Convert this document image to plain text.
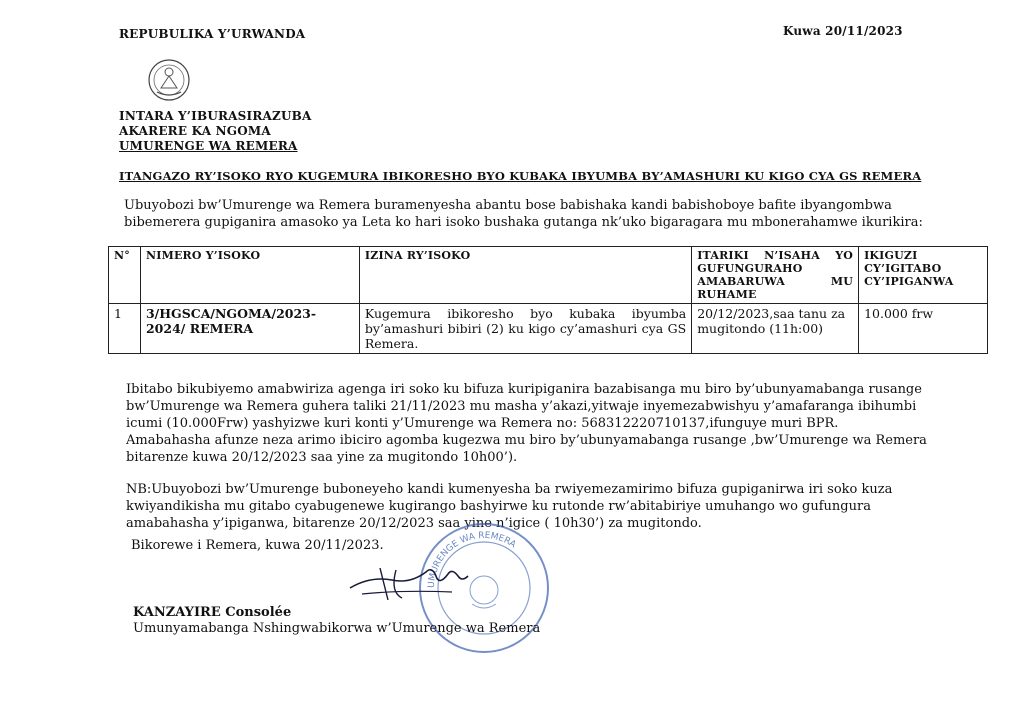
REPUBULIKA Y’URWANDA	Kuwa 20/11/2023
INTARA Y’IBURASIRAZUBA
AKARERE KA NGOMA
UMURENGE WA REMERA
ITANGAZO RY’ISOKO RYO KUGEMURA IBIKORESHO BYO KUBAKA IBYUMBA BY’AMASHURI KU KIGO CYA GS REMERA
Ubuyobozi bw’Umurenge wa Remera buramenyesha abantu bose babishaka kandi babishoboye bafite ibyangombwa
bibemerera gupiganira amasoko ya Leta ko hari isoko bushaka gutanga nk’uko bigaragara mu mbonerahamwe ikurikira:
N°	NIMERO Y’ISOKO	IZINA RY’ISOKO	ITARIKI N’ISAHA YO GUFUNGURAHO AMABARUWA MU RUHAME	IKIGUZI CY’IGITABO CY’IPIGANWA
1	3/HGSCA/NGOMA/2023-2024/ REMERA	Kugemura ibikoresho byo kubaka ibyumba by’amashuri bibiri (2) ku kigo cy’amashuri cya GS Remera.	20/12/2023,saa tanu za mugitondo (11h:00)	10.000 frw
Ibitabo bikubiyemo amabwiriza agenga iri soko ku bifuza kuripiganira bazabisanga mu biro by’ubunyamabanga rusange
bw’Umurenge wa Remera guhera taliki 21/11/2023 mu masha y’akazi,yitwaje inyemezabwishyu y’amafaranga ibihumbi
icumi (10.000Frw) yashyizwe kuri konti y’Umurenge wa Remera no: 568312220710137,ifunguye muri BPR.
Amabahasha afunze neza arimo ibiciro agomba kugezwa mu biro by’ubunyamabanga rusange ,bw’Umurenge wa Remera
bitarenze kuwa 20/12/2023 saa yine za mugitondo 10h00’).
NB:Ubuyobozi bw’Umurenge buboneyeho kandi kumenyesha ba rwiyemezamirimo bifuza gupiganirwa iri soko kuza
kwiyandikisha mu gitabo cyabugenewe kugirango bashyirwe ku rutonde rw’abitabiriye umuhango wo gufungura
amabahasha y’ipiganwa, bitarenze 20/12/2023 saa yine n’igice ( 10h30’) za mugitondo.
UMURENGE WA REMERA
Bikorewe i Remera, kuwa 20/11/2023.
KANZAYIRE Consolée
Umunyamabanga Nshingwabikorwa w’Umurenge wa Remera
